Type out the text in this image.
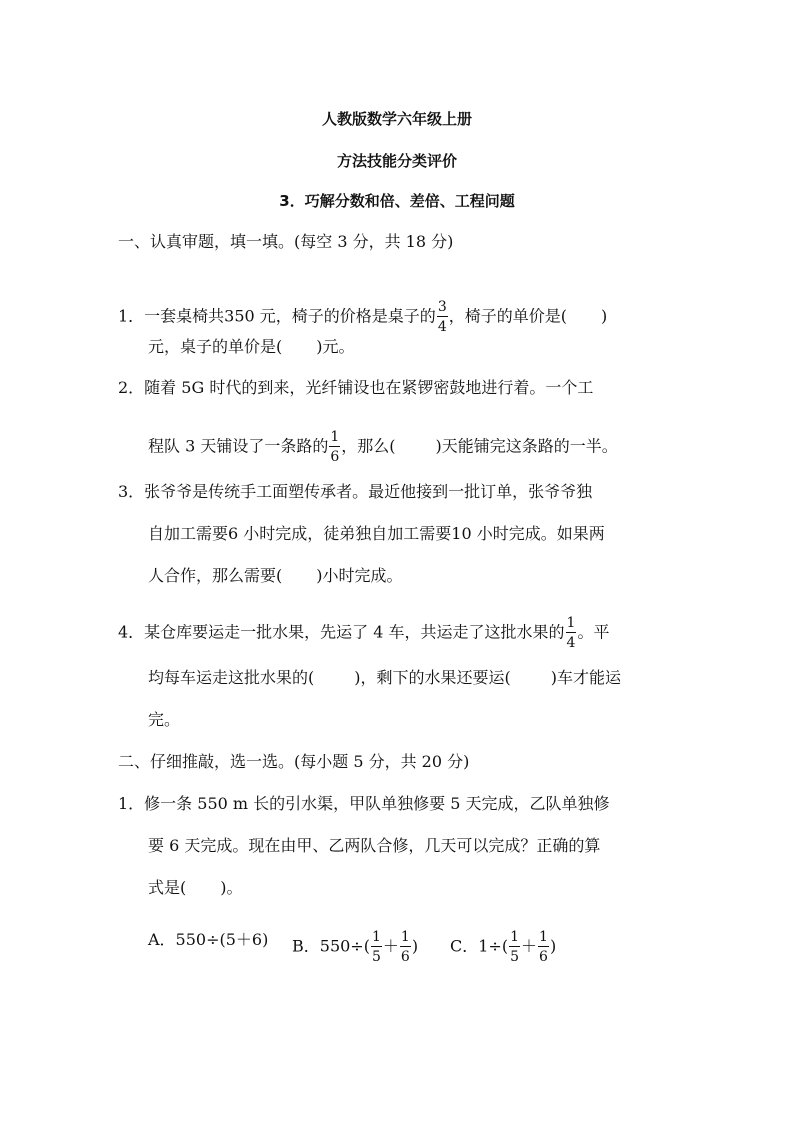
人教版数学六年级上册
方法技能分类评价
3．巧解分数和倍、差倍、工程问题
一、认真审题，填一填。(每空 3 分，共 18 分)
1．一套桌椅共350 元，椅子的价格是桌子的 $\frac{3}{4}$ ，椅子的单价是( )
元，桌子的单价是( )元。
2．随着 5G 时代的到来，光纤铺设也在紧锣密鼓地进行着。一个工
程队 3 天铺设了一条路的 $\frac{1}{6}$ ，那么(	)天能铺完这条路的一半。
3．张爷爷是传统手工面塑传承者。最近他接到一批订单，张爷爷独
自加工需要6 小时完成，徒弟独自加工需要10 小时完成。如果两
人合作，那么需要( )小时完成。
4．某仓库要运走一批水果，先运了 4 车，共运走了这批水果的 $\frac{1}{4}$ 。平
均每车运走这批水果的(	)，剩下的水果还要运(	)车才能运
完。
二、仔细推敲，选一选。(每小题 5 分，共 20 分)
1．修一条 550 m 长的引水渠，甲队单独修要 5 天完成，乙队单独修
要 6 天完成。现在由甲、乙两队合修，几天可以完成？正确的算
式是( )。
A．550÷(5＋6) B．$550\div( \frac{1}{5} + \frac{1}{6}$ ) C．$1\div( \frac{1}{5} + \frac{1}{6}$ )
